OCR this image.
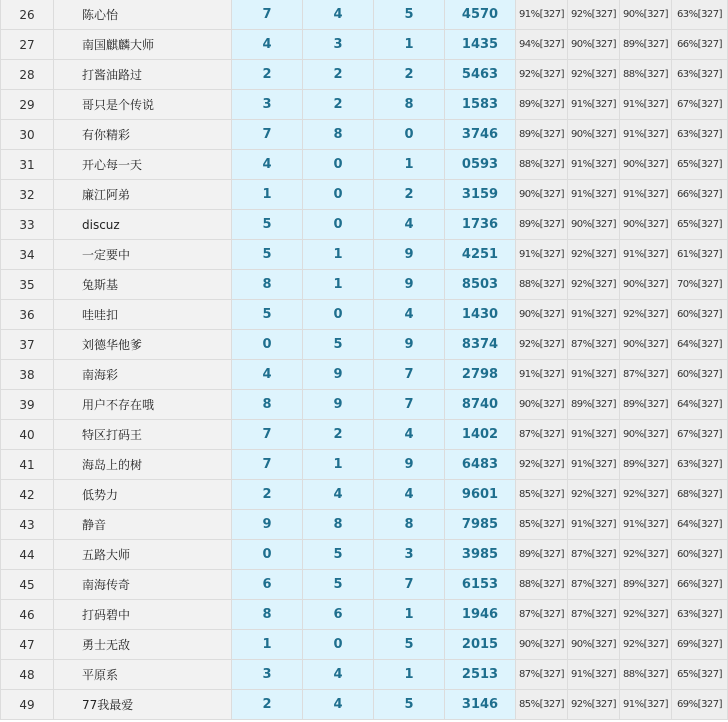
26	陈心怡	7	4	5	4570	91%[327]	92%[327]	90%[327]	63%[327]
27	南国麒麟大师	4	3	1	1435	94%[327]	90%[327]	89%[327]	66%[327]
28	打酱油路过	2	2	2	5463	92%[327]	92%[327]	88%[327]	63%[327]
29	哥只是个传说	3	2	8	1583	89%[327]	91%[327]	91%[327]	67%[327]
30	有你精彩	7	8	0	3746	89%[327]	90%[327]	91%[327]	63%[327]
31	开心每一天	4	0	1	0593	88%[327]	91%[327]	90%[327]	65%[327]
32	廉江阿弟	1	0	2	3159	90%[327]	91%[327]	91%[327]	66%[327]
33	discuz	5	0	4	1736	89%[327]	90%[327]	90%[327]	65%[327]
34	一定要中	5	1	9	4251	91%[327]	92%[327]	91%[327]	61%[327]
35	兔斯基	8	1	9	8503	88%[327]	92%[327]	90%[327]	70%[327]
36	哇哇扣	5	0	4	1430	90%[327]	91%[327]	92%[327]	60%[327]
37	刘德华他爹	0	5	9	8374	92%[327]	87%[327]	90%[327]	64%[327]
38	南海彩	4	9	7	2798	91%[327]	91%[327]	87%[327]	60%[327]
39	用户不存在哦	8	9	7	8740	90%[327]	89%[327]	89%[327]	64%[327]
40	特区打码王	7	2	4	1402	87%[327]	91%[327]	90%[327]	67%[327]
41	海岛上的树	7	1	9	6483	92%[327]	91%[327]	89%[327]	63%[327]
42	低势力	2	4	4	9601	85%[327]	92%[327]	92%[327]	68%[327]
43	静音	9	8	8	7985	85%[327]	91%[327]	91%[327]	64%[327]
44	五路大师	0	5	3	3985	89%[327]	87%[327]	92%[327]	60%[327]
45	南海传奇	6	5	7	6153	88%[327]	87%[327]	89%[327]	66%[327]
46	打码碧中	8	6	1	1946	87%[327]	87%[327]	92%[327]	63%[327]
47	勇士无敌	1	0	5	2015	90%[327]	90%[327]	92%[327]	69%[327]
48	平原系	3	4	1	2513	87%[327]	91%[327]	88%[327]	65%[327]
49	77我最爱	2	4	5	3146	85%[327]	92%[327]	91%[327]	69%[327]
